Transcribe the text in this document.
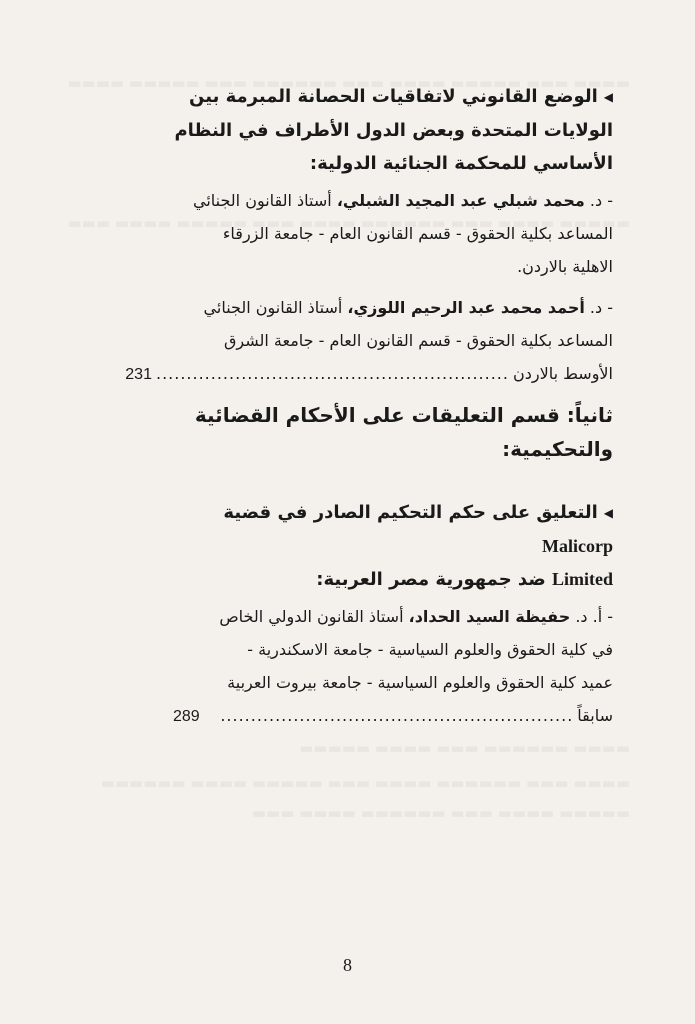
◀الوضع القانوني لاتفاقيات الحصانة المبرمة بين

الولايات المتحدة وبعض الدول الأطراف في النظام

الأساسي للمحكمة الجنائية الدولية:

- د. محمد شبلي عبد المجيد الشبلي، أستاذ القانون الجنائي

المساعد بكلية الحقوق - قسم القانون العام - جامعة الزرقاء

الاهلية بالاردن.

- د. أحمد محمد عبد الرحيم اللوزي، أستاذ القانون الجنائي

المساعد بكلية الحقوق - قسم القانون العام - جامعة الشرق

الأوسط بالاردن
..........................................................
231

ثانياً: قسم التعليقات على الأحكام القضائية

والتحكيمية:

◀التعليق على حكم التحكيم الصادر في قضية Malicorp

Limited ضد جمهورية مصر العربية:

- أ. د. حفيظة السيد الحداد، أستاذ القانون الدولي الخاص

في كلية الحقوق والعلوم السياسية - جامعة الاسكندرية -

عميد كلية الحقوق والعلوم السياسية - جامعة بيروت العربية

سابقاً
..........................................................
289

8
